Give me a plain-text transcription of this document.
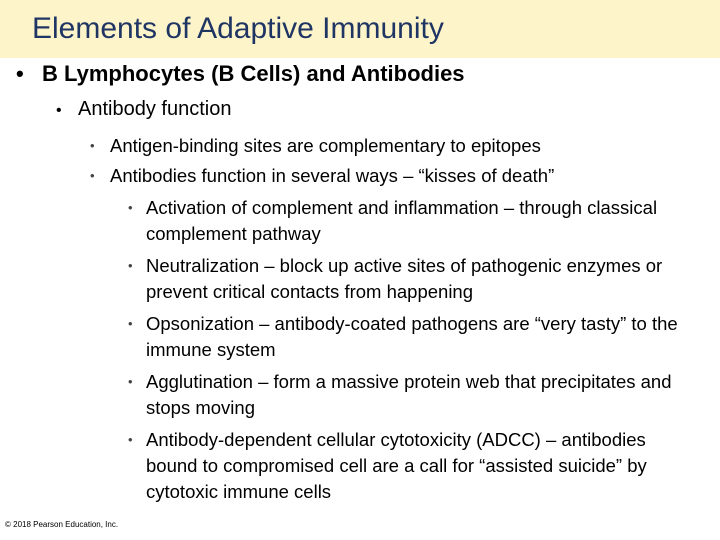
Elements of Adaptive Immunity
• B Lymphocytes (B Cells) and Antibodies
• Antibody function
• Antigen-binding sites are complementary to epitopes
• Antibodies function in several ways – “kisses of death”
• Activation of complement and inflammation – through classical complement pathway
• Neutralization – block up active sites of pathogenic enzymes or prevent critical contacts from happening
• Opsonization – antibody-coated pathogens are “very tasty” to the immune system
• Agglutination – form a massive protein web that precipitates and stops moving
• Antibody-dependent cellular cytotoxicity (ADCC) – antibodies bound to compromised cell are a call for “assisted suicide” by cytotoxic immune cells
© 2018 Pearson Education, Inc.
